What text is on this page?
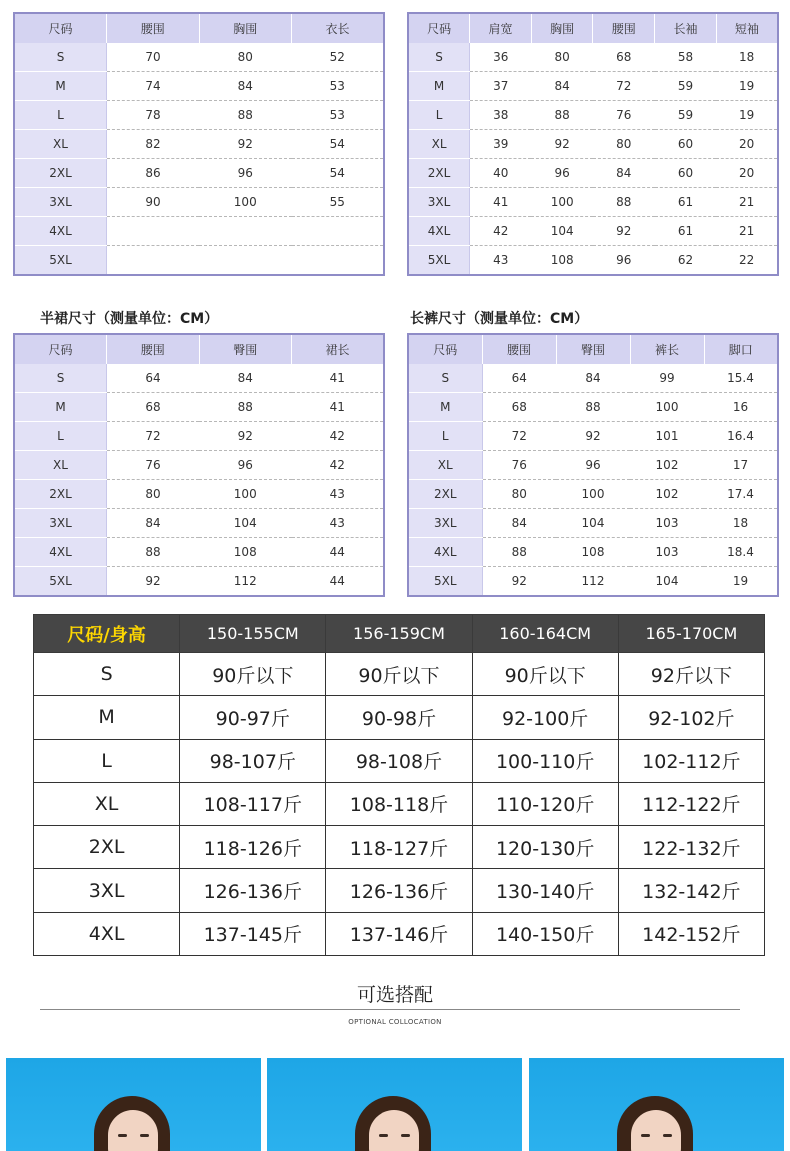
尺码	腰围	胸围	衣长
S	70	80	52
M	74	84	53
L	78	88	53
XL	82	92	54
2XL	86	96	54
3XL	90	100	55
4XL			
5XL			
尺码	肩宽	胸围	腰围	长袖	短袖
S	36	80	68	58	18
M	37	84	72	59	19
L	38	88	76	59	19
XL	39	92	80	60	20
2XL	40	96	84	60	20
3XL	41	100	88	61	21
4XL	42	104	92	61	21
5XL	43	108	96	62	22
半裙尺寸（测量单位：CM）
尺码	腰围	臀围	裙长
S	64	84	41
M	68	88	41
L	72	92	42
XL	76	96	42
2XL	80	100	43
3XL	84	104	43
4XL	88	108	44
5XL	92	112	44
长裤尺寸（测量单位：CM）
尺码	腰围	臀围	裤长	脚口
S	64	84	99	15.4
M	68	88	100	16
L	72	92	101	16.4
XL	76	96	102	17
2XL	80	100	102	17.4
3XL	84	104	103	18
4XL	88	108	103	18.4
5XL	92	112	104	19
尺码/身高	150-155CM	156-159CM	160-164CM	165-170CM
S	90斤以下	90斤以下	90斤以下	92斤以下
M	90-97斤	90-98斤	92-100斤	92-102斤
L	98-107斤	98-108斤	100-110斤	102-112斤
XL	108-117斤	108-118斤	110-120斤	112-122斤
2XL	118-126斤	118-127斤	120-130斤	122-132斤
3XL	126-136斤	126-136斤	130-140斤	132-142斤
4XL	137-145斤	137-146斤	140-150斤	142-152斤
可选搭配
OPTIONAL COLLOCATION
